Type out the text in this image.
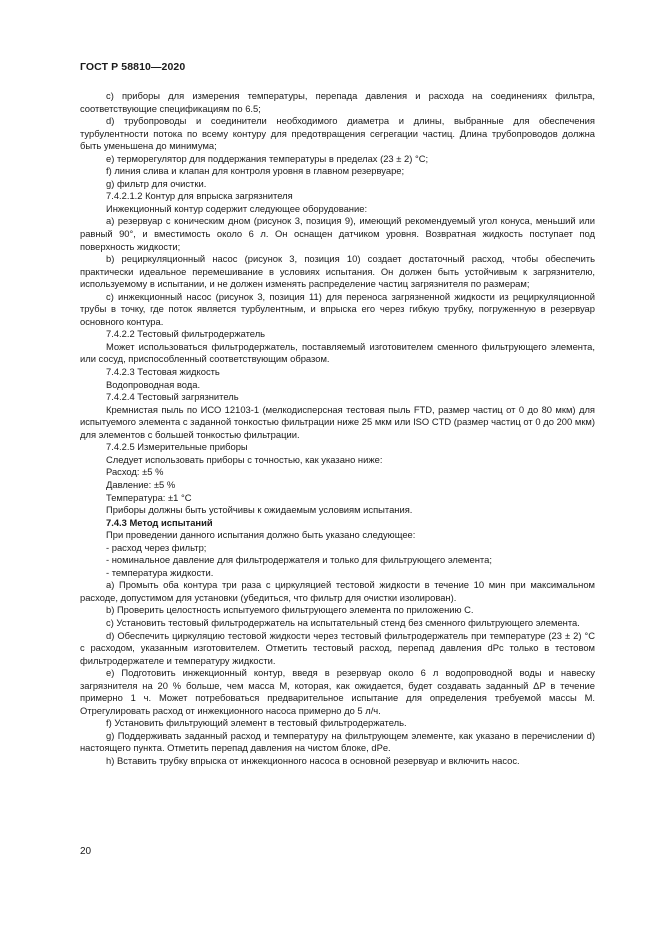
ГОСТ Р 58810—2020
c) приборы для измерения температуры, перепада давления и расхода на соединениях фильтра, соответствующие спецификациям по 6.5;
d) трубопроводы и соединители необходимого диаметра и длины, выбранные для обеспечения турбулентности потока по всему контуру для предотвращения сегрегации частиц. Длина трубопроводов должна быть уменьшена до минимума;
e) терморегулятор для поддержания температуры в пределах (23 ± 2) °C;
f) линия слива и клапан для контроля уровня в главном резервуаре;
g) фильтр для очистки.
7.4.2.1.2 Контур для впрыска загрязнителя
Инжекционный контур содержит следующее оборудование:
a) резервуар с коническим дном (рисунок 3, позиция 9), имеющий рекомендуемый угол конуса, меньший или равный 90°, и вместимость около 6 л. Он оснащен датчиком уровня. Возвратная жидкость поступает под поверхность жидкости;
b) рециркуляционный насос (рисунок 3, позиция 10) создает достаточный расход, чтобы обеспечить практически идеальное перемешивание в условиях испытания. Он должен быть устойчивым к загрязнителю, используемому в испытании, и не должен изменять распределение частиц загрязнителя по размерам;
c) инжекционный насос (рисунок 3, позиция 11) для переноса загрязненной жидкости из рециркуляционной трубы в точку, где поток является турбулентным, и впрыска его через гибкую трубку, погруженную в резервуар основного контура.
7.4.2.2 Тестовый фильтродержатель
Может использоваться фильтродержатель, поставляемый изготовителем сменного фильтрующего элемента, или сосуд, приспособленный соответствующим образом.
7.4.2.3 Тестовая жидкость
Водопроводная вода.
7.4.2.4 Тестовый загрязнитель
Кремнистая пыль по ИСО 12103-1 (мелкодисперсная тестовая пыль FTD, размер частиц от 0 до 80 мкм) для испытуемого элемента с заданной тонкостью фильтрации ниже 25 мкм или ISO CTD (размер частиц от 0 до 200 мкм) для элементов с большей тонкостью фильтрации.
7.4.2.5 Измерительные приборы
Следует использовать приборы с точностью, как указано ниже:
Расход: ±5 %
Давление: ±5 %
Температура: ±1 °C
Приборы должны быть устойчивы к ожидаемым условиям испытания.
7.4.3 Метод испытаний
При проведении данного испытания должно быть указано следующее:
- расход через фильтр;
- номинальное давление для фильтродержателя и только для фильтрующего элемента;
- температура жидкости.
a) Промыть оба контура три раза с циркуляцией тестовой жидкости в течение 10 мин при максимальном расходе, допустимом для установки (убедиться, что фильтр для очистки изолирован).
b) Проверить целостность испытуемого фильтрующего элемента по приложению C.
c) Установить тестовый фильтродержатель на испытательный стенд без сменного фильтрующего элемента.
d) Обеспечить циркуляцию тестовой жидкости через тестовый фильтродержатель при температуре (23 ± 2) °C с расходом, указанным изготовителем. Отметить тестовый расход, перепад давления dPc только в тестовом фильтродержателе и температуру жидкости.
e) Подготовить инжекционный контур, введя в резервуар около 6 л водопроводной воды и навеску загрязнителя на 20 % больше, чем масса M, которая, как ожидается, будет создавать заданный ΔP в течение примерно 1 ч. Может потребоваться предварительное испытание для определения требуемой массы M. Отрегулировать расход от инжекционного насоса примерно до 5 л/ч.
f) Установить фильтрующий элемент в тестовый фильтродержатель.
g) Поддерживать заданный расход и температуру на фильтрующем элементе, как указано в перечислении d) настоящего пункта. Отметить перепад давления на чистом блоке, dPe.
h) Вставить трубку впрыска от инжекционного насоса в основной резервуар и включить насос.
20
